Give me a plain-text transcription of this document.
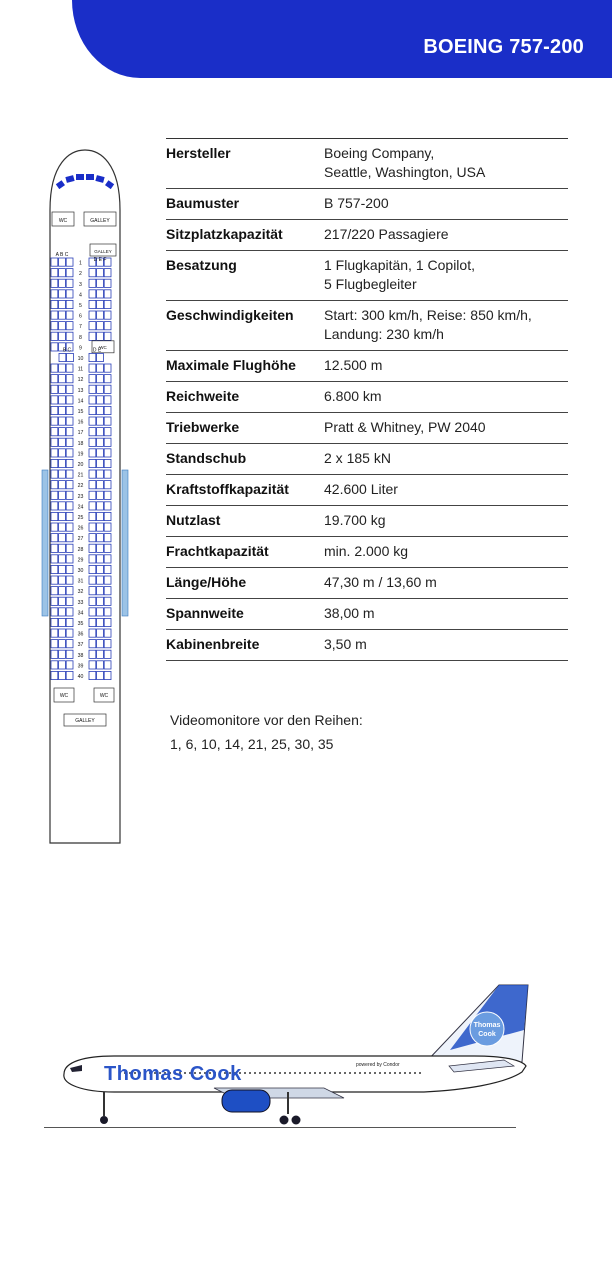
BOEING 757-200
Hersteller	Boeing Company,
Seattle, Washington, USA
Baumuster	B 757-200
Sitzplatzkapazität	217/220 Passagiere
Besatzung	1 Flugkapitän, 1 Copilot,
5 Flugbegleiter
Geschwindigkeiten	Start: 300 km/h, Reise: 850 km/h,
Landung: 230 km/h
Maximale Flughöhe	12.500 m
Reichweite	6.800 km
Triebwerke	Pratt & Whitney, PW 2040
Standschub	2 x 185 kN
Kraftstoffkapazität	42.600 Liter
Nutzlast	19.700 kg
Frachtkapazität	min. 2.000 kg
Länge/Höhe	47,30 m / 13,60 m
Spannweite	38,00 m
Kabinenbreite	3,50 m
Videomonitore vor den Reihen:
1, 6, 10, 14, 21, 25, 30, 35
1
2
3
4
5
6
7
8
9	WC
10
11
12
13
14
15
16
17
18
19
20
21
22
23
24
25
26
27
28
29
30
31
32
33
34
35
36
37
38
39
40
WC	GALLEY
GALLEY
A B C
D E F
B C	D E
WC	WC
GALLEY
Thomas
Cook
Thomas Cook	powered by Condor
